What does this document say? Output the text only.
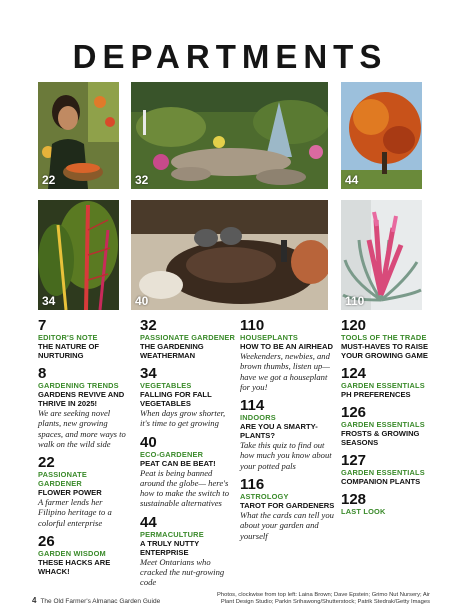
DEPARTMENTS
22	32	44
34	40	110
7
EDITOR'S NOTE
THE NATURE OF NURTURING
8
GARDENING TRENDS
GARDENS REVIVE AND THRIVE IN 2025!
We are seeking novel plants, new growing spaces, and more ways to walk on the wild side
22
PASSIONATE GARDENER
FLOWER POWER
A farmer lends her Filipino heritage to a colorful enterprise
26
GARDEN WISDOM
THESE HACKS ARE WHACK!
32
PASSIONATE GARDENER
THE GARDENING WEATHERMAN
34
VEGETABLES
FALLING FOR FALL VEGETABLES
When days grow shorter, it's time to get growing
40
ECO-GARDENER
PEAT CAN BE BEAT!
Peat is being banned around the globe— here's how to make the switch to sustainable alternatives
44
PERMACULTURE
A TRULY NUTTY ENTERPRISE
Meet Ontarians who cracked the nut-growing code
110
HOUSEPLANTS
HOW TO BE AN AIRHEAD
Weekenders, newbies, and brown thumbs, listen up—have we got a houseplant for you!
114
INDOORS
ARE YOU A SMARTY-PLANTS?
Take this quiz to find out how much you know about your potted pals
116
ASTROLOGY
TAROT FOR GARDENERS
What the cards can tell you about your garden and yourself
120
TOOLS OF THE TRADE
MUST-HAVES TO RAISE YOUR GROWING GAME
124
GARDEN ESSENTIALS
PH PREFERENCES
126
GARDEN ESSENTIALS
FROSTS & GROWING SEASONS
127
GARDEN ESSENTIALS
COMPANION PLANTS
128
LAST LOOK
4 The Old Farmer's Almanac Garden Guide
Photos, clockwise from top left: Laina Brown; Dave Epstein; Grimo Nut Nursery; Air Plant Design Studio; Parkin Srihawong/Shutterstock; Patrik Stedrak/Getty Images
